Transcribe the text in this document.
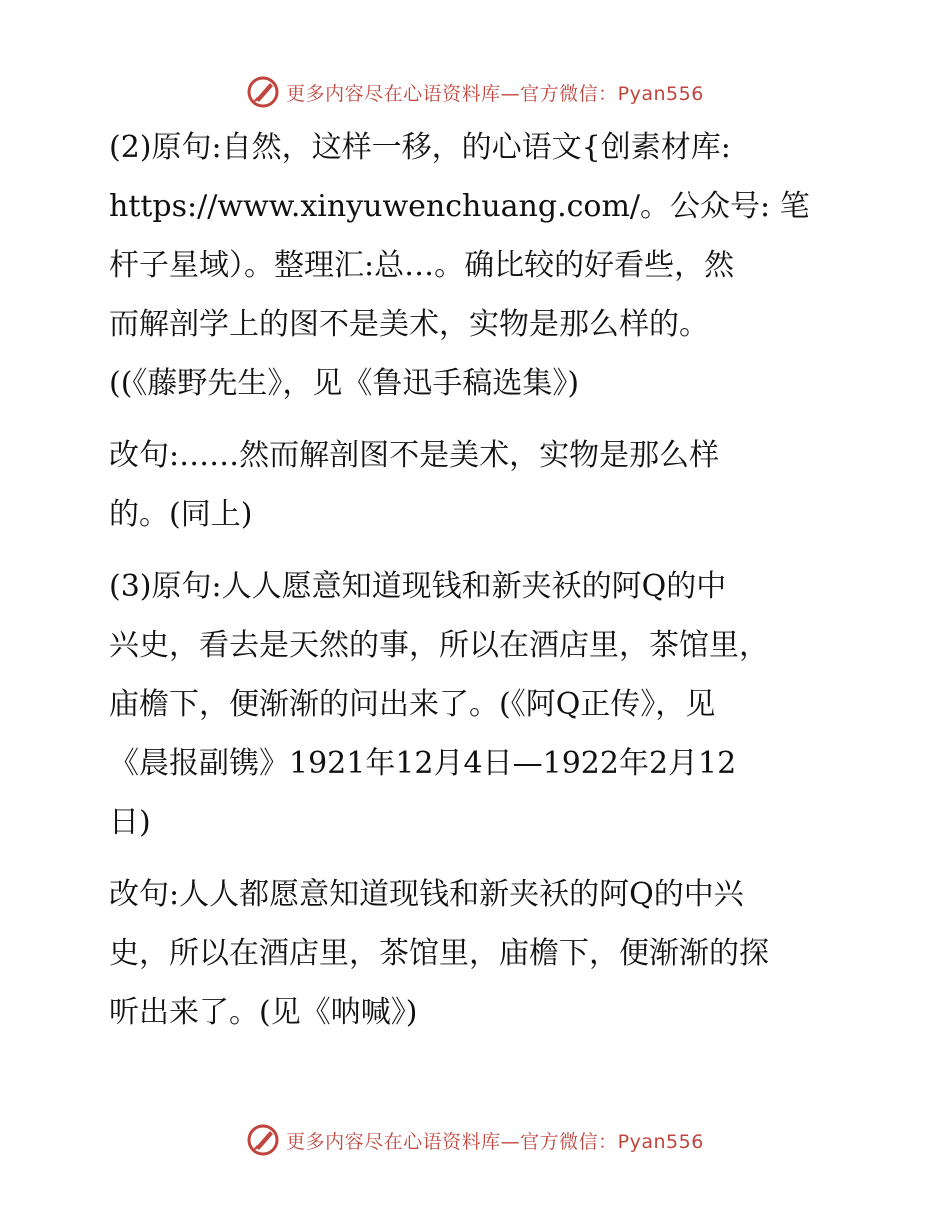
更多内容尽在心语资料库—官方微信：Pyan556
(2)原句:自然，这样一移，的心语文{创素材库:
https://www.xinyuwenchuang.com/。公众号: 笔
杆子星域）。整理汇:总…。确比较的好看些，然
而解剖学上的图不是美术，实物是那么样的。
((《藤野先生》，见《鲁迅手稿选集》)
改句:……然而解剖图不是美术，实物是那么样
的。(同上)
(3)原句:人人愿意知道现钱和新夹袄的阿Q的中
兴史，看去是天然的事，所以在酒店里，茶馆里，
庙檐下，便渐渐的问出来了。(《阿Q正传》，见
《晨报副镌》1921年12月4日—1922年2月12
日)
改句:人人都愿意知道现钱和新夹袄的阿Q的中兴
史，所以在酒店里，茶馆里，庙檐下，便渐渐的探
听出来了。(见《呐喊》)
更多内容尽在心语资料库—官方微信：Pyan556
